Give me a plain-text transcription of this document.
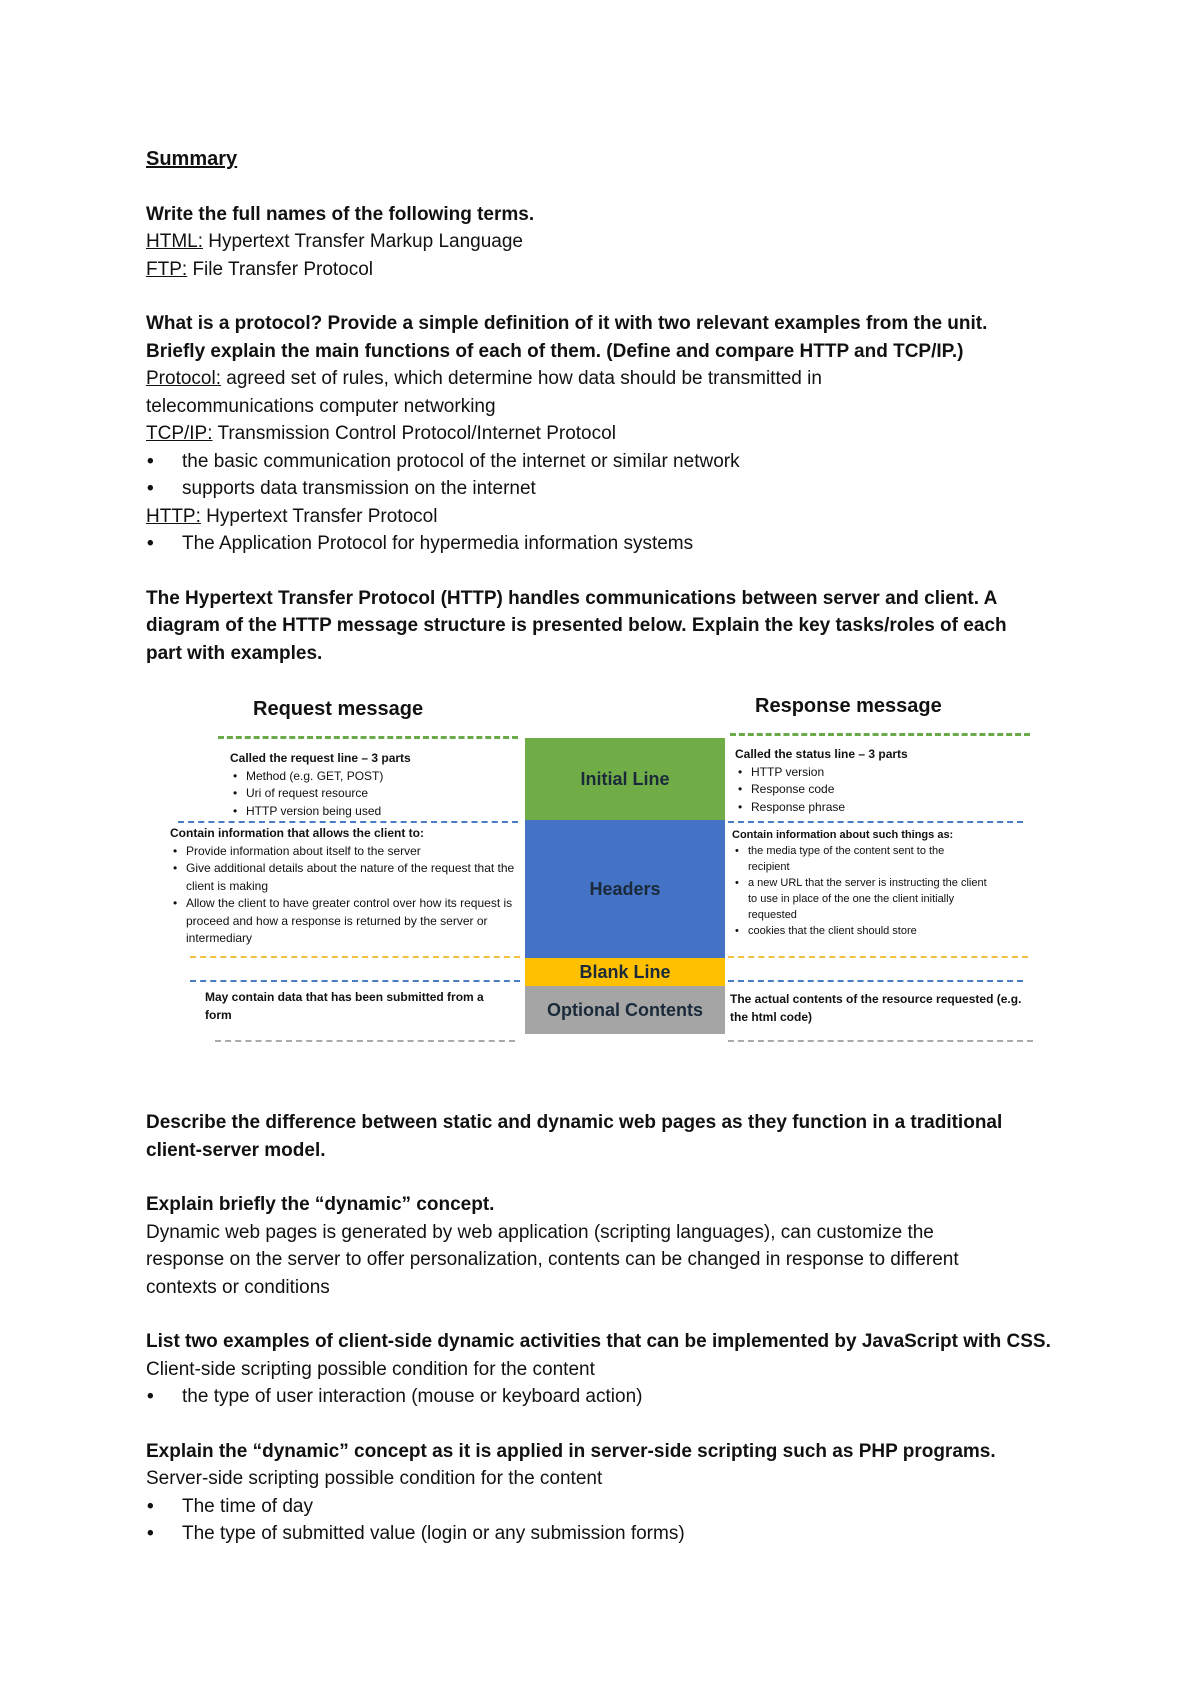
Summary

Write the full names of the following terms.

HTML: Hypertext Transfer Markup Language

FTP: File Transfer Protocol

What is a protocol? Provide a simple definition of it with two relevant examples from the unit.

Briefly explain the main functions of each of them. (Define and compare HTTP and TCP/IP.)

Protocol: agreed set of rules, which determine how data should be transmitted in

telecommunications computer networking

TCP/IP: Transmission Control Protocol/Internet Protocol

• the basic communication protocol of the internet or similar network

• supports data transmission on the internet

HTTP: Hypertext Transfer Protocol

• The Application Protocol for hypermedia information systems

The Hypertext Transfer Protocol (HTTP) handles communications between server and client. A

diagram of the HTTP message structure is presented below. Explain the key tasks/roles of each

part with examples.

Request message	Response message
Initial Line
Headers
Blank Line
Optional Contents
Called the request line – 3 parts
• Method (e.g. GET, POST)
• Uri of request resource
• HTTP version being used
Contain information that allows the client to:
• Provide information about itself to the server
• Give additional details about the nature of the request that the client is making
• Allow the client to have greater control over how its request is proceed and how a response is returned by the server or intermediary
May contain data that has been submitted from a form
Called the status line – 3 parts
• HTTP version
• Response code
• Response phrase
Contain information about such things as:
• the media type of the content sent to the recipient
• a new URL that the server is instructing the client to use in place of the one the client initially requested
• cookies that the client should store
The actual contents of the resource requested (e.g. the html code)

Describe the difference between static and dynamic web pages as they function in a traditional

client-server model.

Explain briefly the “dynamic” concept.

Dynamic web pages is generated by web application (scripting languages), can customize the

response on the server to offer personalization, contents can be changed in response to different

contexts or conditions

List two examples of client-side dynamic activities that can be implemented by JavaScript with CSS.

Client-side scripting possible condition for the content

• the type of user interaction (mouse or keyboard action)

Explain the “dynamic” concept as it is applied in server-side scripting such as PHP programs.

Server-side scripting possible condition for the content

• The time of day

• The type of submitted value (login or any submission forms)
